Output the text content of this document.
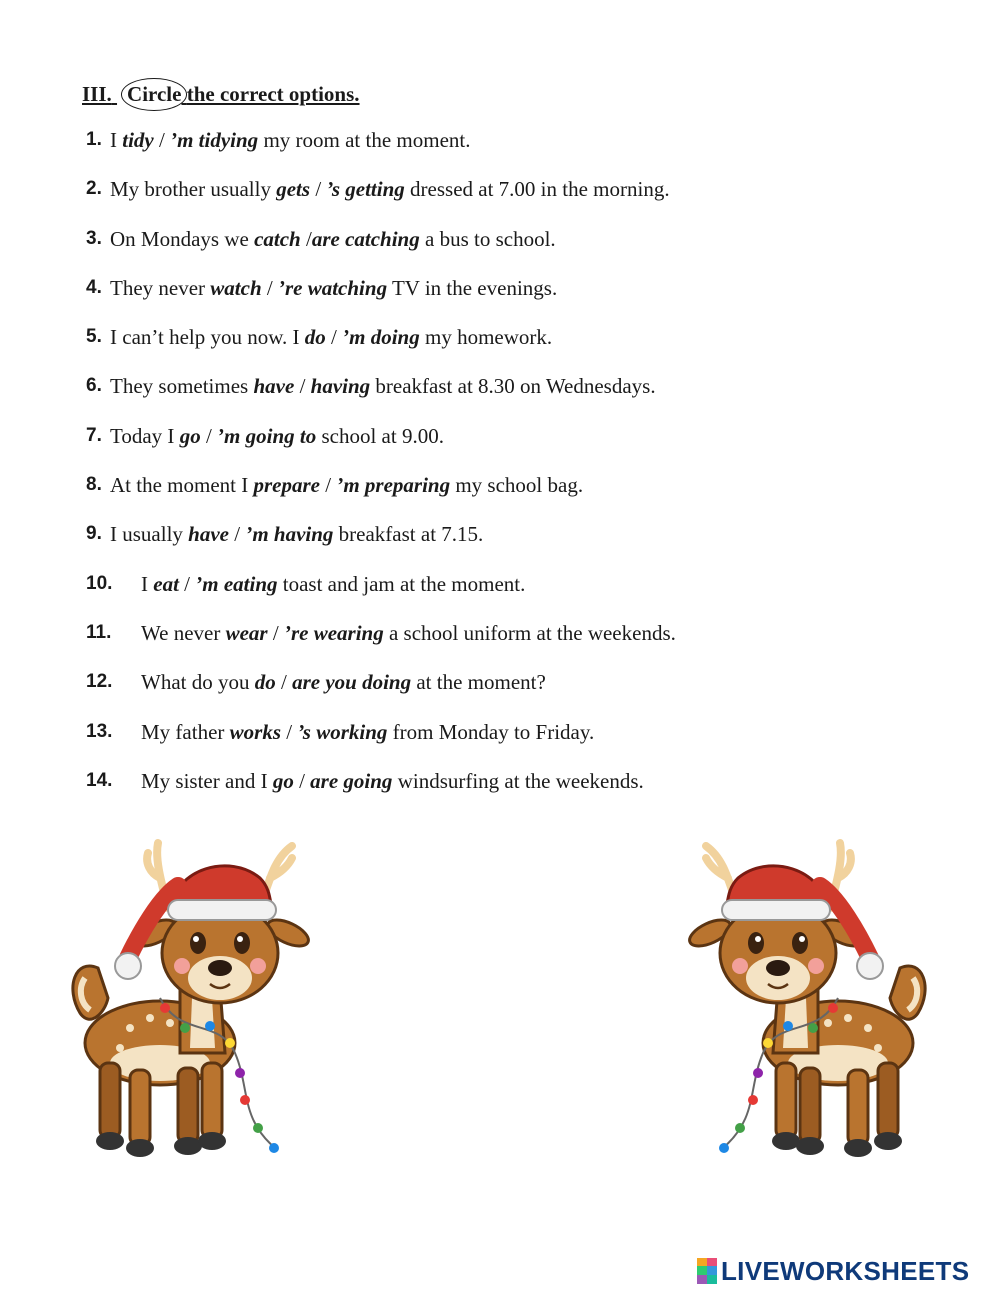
III. Circle the correct options.
1. I tidy / ’m tidying my room at the moment.
2. My brother usually gets / ’s getting dressed at 7.00 in the morning.
3. On Mondays we catch /are catching a bus to school.
4. They never watch / ’re watching TV in the evenings.
5. I can’t help you now. I do / ’m doing my homework.
6. They sometimes have / having breakfast at 8.30 on Wednesdays.
7. Today I go / ’m going to school at 9.00.
8. At the moment I prepare / ’m preparing my school bag.
9. I usually have / ’m having breakfast at 7.15.
10. I eat / ’m eating toast and jam at the moment.
11. We never wear / ’re wearing a school uniform at the weekends.
12. What do you do / are you doing at the moment?
13. My father works / ’s working from Monday to Friday.
14. My sister and I go / are going windsurfing at the weekends.
LIVEWORKSHEETS
